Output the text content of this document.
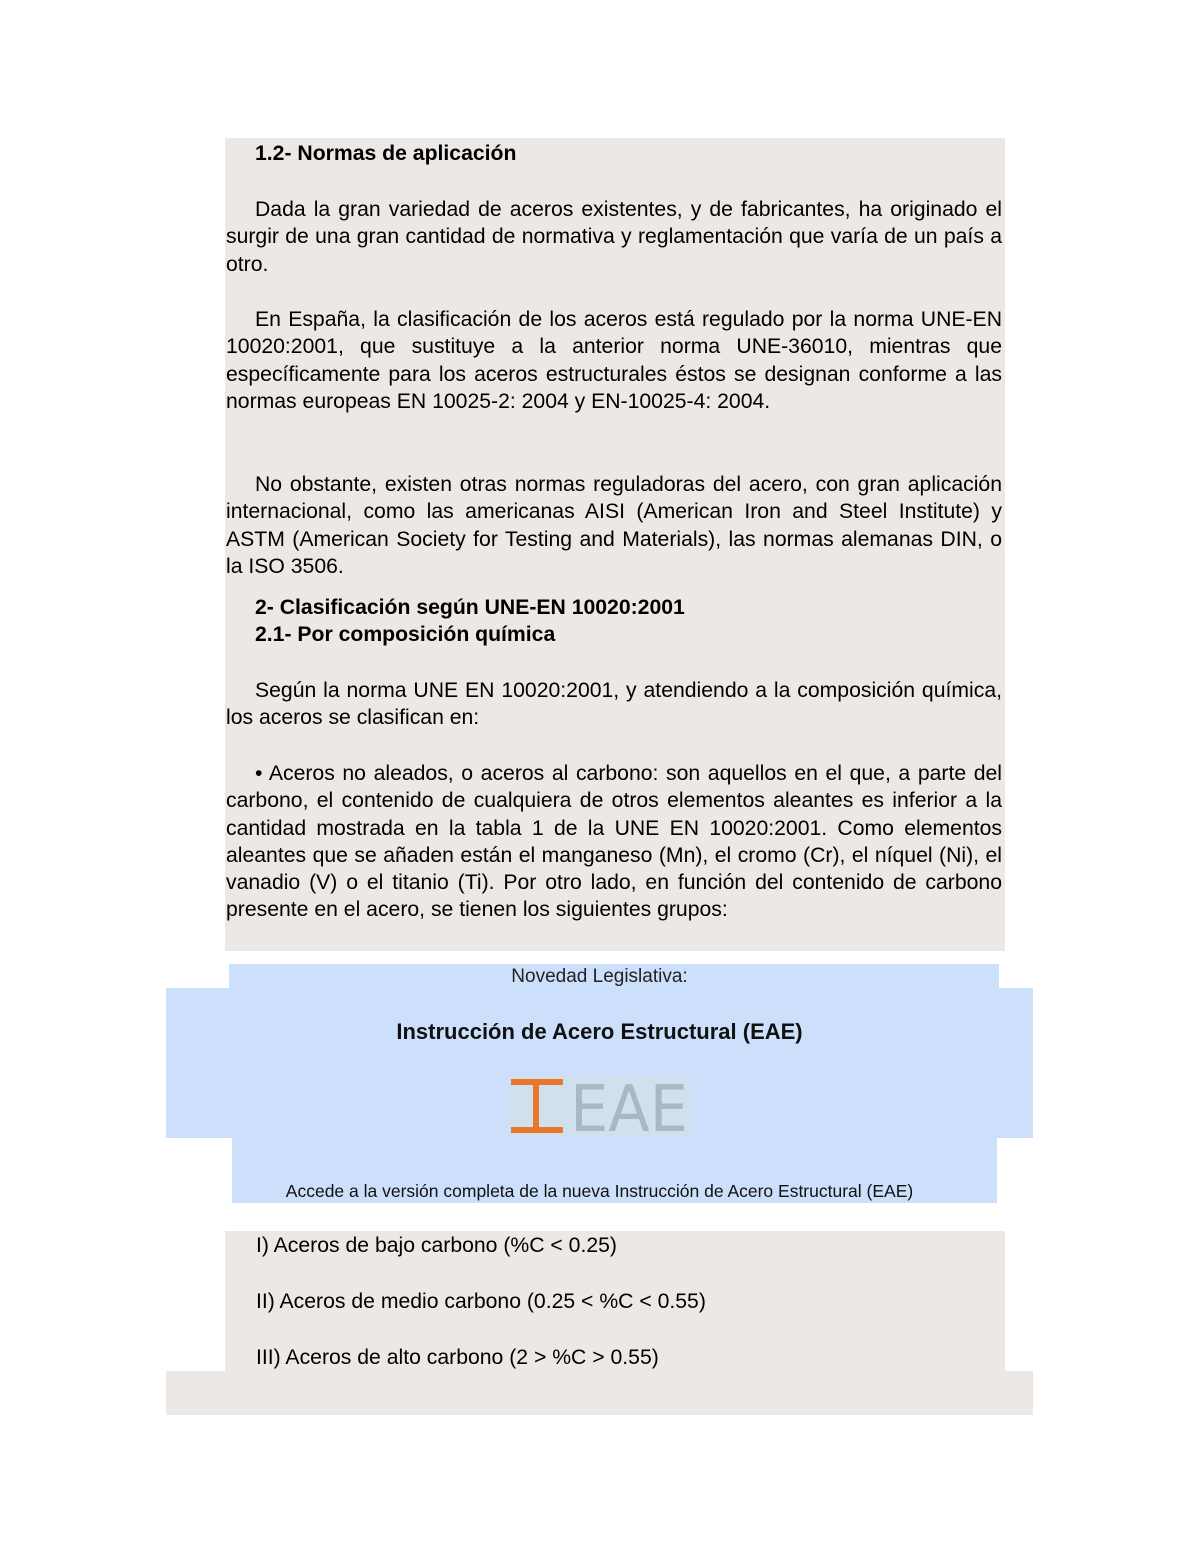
1.2- Normas de aplicación

Dada la gran variedad de aceros existentes, y de fabricantes, ha originado el surgir de una gran cantidad de normativa y reglamentación que varía de un país a otro.

En España, la clasificación de los aceros está regulado por la norma UNE-EN 10020:2001, que sustituye a la anterior norma UNE-36010, mientras que específicamente para los aceros estructurales éstos se designan conforme a las normas europeas EN 10025-2: 2004 y EN-10025-4: 2004.

No obstante, existen otras normas reguladoras del acero, con gran aplicación internacional, como las americanas AISI (American Iron and Steel Institute) y ASTM (American Society for Testing and Materials), las normas alemanas DIN, o la ISO 3506.

2- Clasificación según UNE-EN 10020:2001

2.1- Por composición química

Según la norma UNE EN 10020:2001, y atendiendo a la composición química, los aceros se clasifican en:

• Aceros no aleados, o aceros al carbono: son aquellos en el que, a parte del carbono, el contenido de cualquiera de otros elementos aleantes es inferior a la cantidad mostrada en la tabla 1 de la UNE EN 10020:2001. Como elementos aleantes que se añaden están el manganeso (Mn), el cromo (Cr), el níquel (Ni), el vanadio (V) o el titanio (Ti). Por otro lado, en función del contenido de carbono presente en el acero, se tienen los siguientes grupos:

Novedad Legislativa:

Instrucción de Acero Estructural (EAE)

EAE

Accede a la versión completa de la nueva Instrucción de Acero Estructural (EAE)

I) Aceros de bajo carbono (%C < 0.25)

II) Aceros de medio carbono (0.25 < %C < 0.55)

III) Aceros de alto carbono (2 > %C > 0.55)
